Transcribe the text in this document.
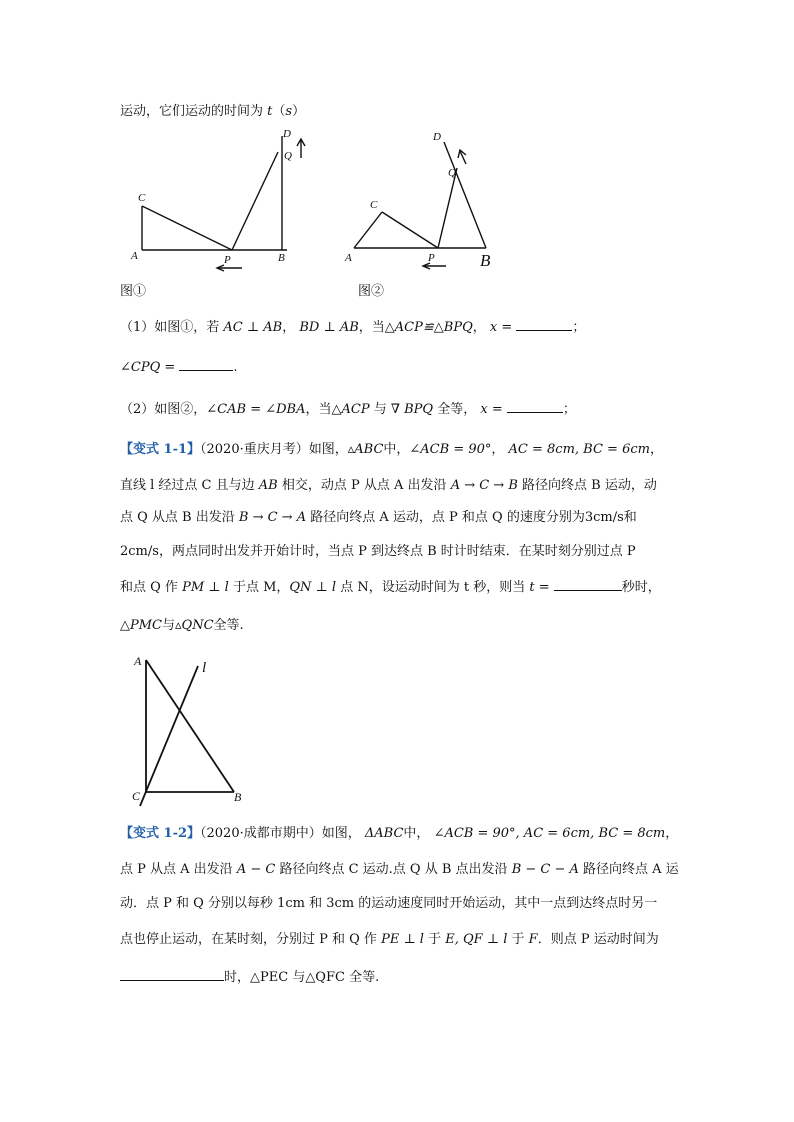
运动，它们运动的时间为 t（s）
A
C
P	B
D
Q
图①
A
C
P
D
Q
B
图②
（1）如图①，若 AC ⊥ AB， BD ⊥ AB，当△ACP≌△BPQ， x =	；
∠CPQ =	.
（2）如图②，∠CAB = ∠DBA，当△ACP 与 ∇ BPQ 全等， x =	；
【变式 1-1】（2020·重庆月考）如图，▵ABC中，∠ACB = 90°， AC = 8cm, BC = 6cm，
直线 l 经过点 C 且与边 AB 相交，动点 P 从点 A 出发沿 A → C → B 路径向终点 B 运动，动
点 Q 从点 B 出发沿 B → C → A 路径向终点 A 运动，点 P 和点 Q 的速度分别为3cm/s和
2cm/s，两点同时出发并开始计时，当点 P 到达终点 B 时计时结束．在某时刻分别过点 P
和点 Q 作 PM ⊥ l 于点 M，QN ⊥ l 点 N，设运动时间为 t 秒，则当 t =	秒时，
△PMC与▵QNC全等.
A	l
C	B
【变式 1-2】（2020·成都市期中）如图， ΔABC中， ∠ACB = 90°, AC = 6cm, BC = 8cm，
点 P 从点 A 出发沿 A − C 路径向终点 C 运动.点 Q 从 B 点出发沿 B − C − A 路径向终点 A 运
动．点 P 和 Q 分别以每秒 1cm 和 3cm 的运动速度同时开始运动，其中一点到达终点时另一
点也停止运动，在某时刻，分别过 P 和 Q 作 PE ⊥ l 于 E, QF ⊥ l 于 F．则点 P 运动时间为
时，△PEC 与△QFC 全等.
